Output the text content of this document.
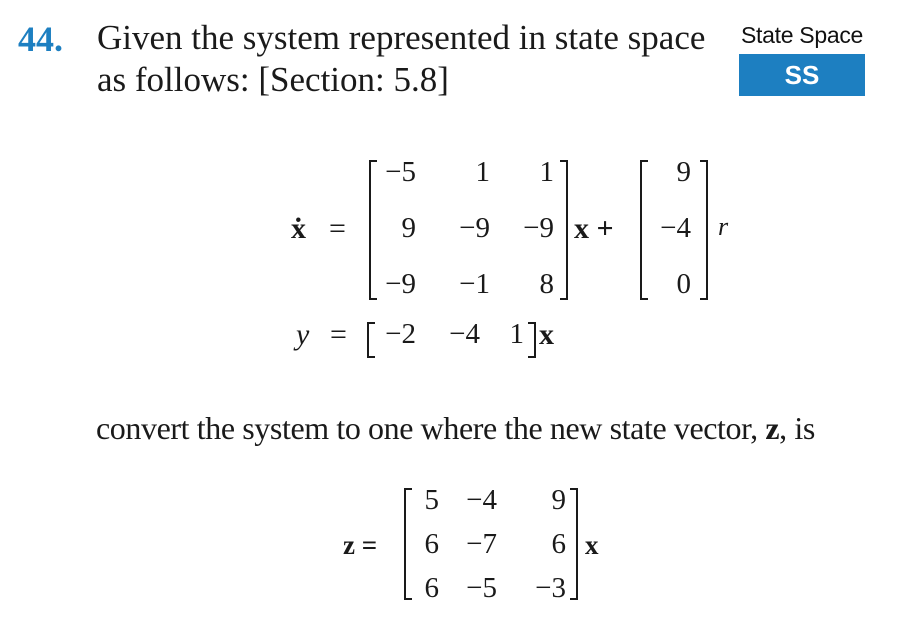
44. Given the system represented in state space
as follows: [Section: 5.8]
State Space
SS
ẋ =
−5	1	1
9	−9	−9
−9	−1	8
x +
9
−4
0
r
y =	−2	−4	1 x
convert the system to one where the new state vector, z, is
z =
5 −4	9
6 −7	6
6 −5	−3
x
